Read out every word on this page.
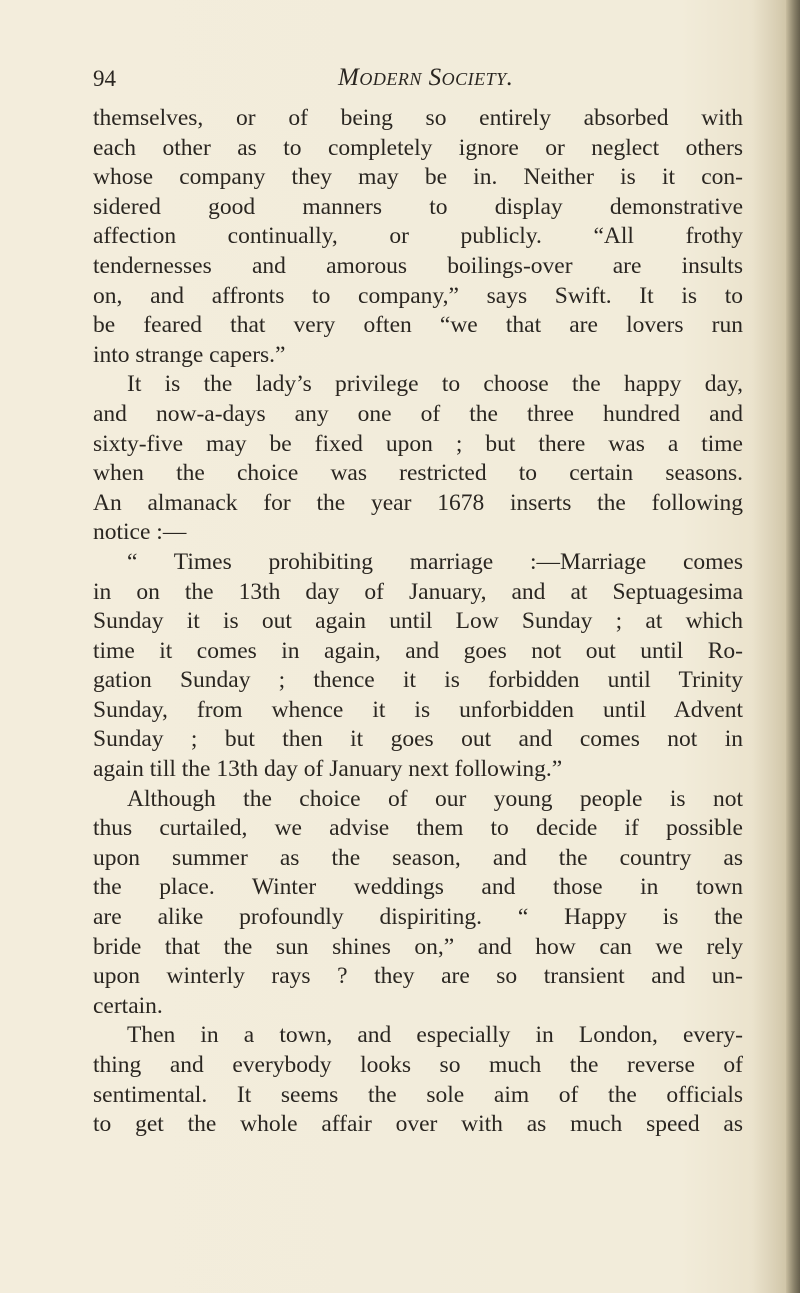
94	Modern Society.
themselves, or of being so entirely absorbed with
each other as to completely ignore or neglect others
whose company they may be in. Neither is it con-
sidered good manners to display demonstrative
affection continually, or publicly. “All frothy
tendernesses and amorous boilings-over are insults
on, and affronts to company,” says Swift. It is to
be feared that very often “we that are lovers run
into strange capers.”
It is the lady’s privilege to choose the happy day,
and now-a-days any one of the three hundred and
sixty-five may be fixed upon ; but there was a time
when the choice was restricted to certain seasons.
An almanack for the year 1678 inserts the following
notice :—
“ Times prohibiting marriage :—Marriage comes
in on the 13th day of January, and at Septuagesima
Sunday it is out again until Low Sunday ; at which
time it comes in again, and goes not out until Ro-
gation Sunday ; thence it is forbidden until Trinity
Sunday, from whence it is unforbidden until Advent
Sunday ; but then it goes out and comes not in
again till the 13th day of January next following.”
Although the choice of our young people is not
thus curtailed, we advise them to decide if possible
upon summer as the season, and the country as
the place. Winter weddings and those in town
are alike profoundly dispiriting. “ Happy is the
bride that the sun shines on,” and how can we rely
upon winterly rays ? they are so transient and un-
certain.
Then in a town, and especially in London, every-
thing and everybody looks so much the reverse of
sentimental. It seems the sole aim of the officials
to get the whole affair over with as much speed as
